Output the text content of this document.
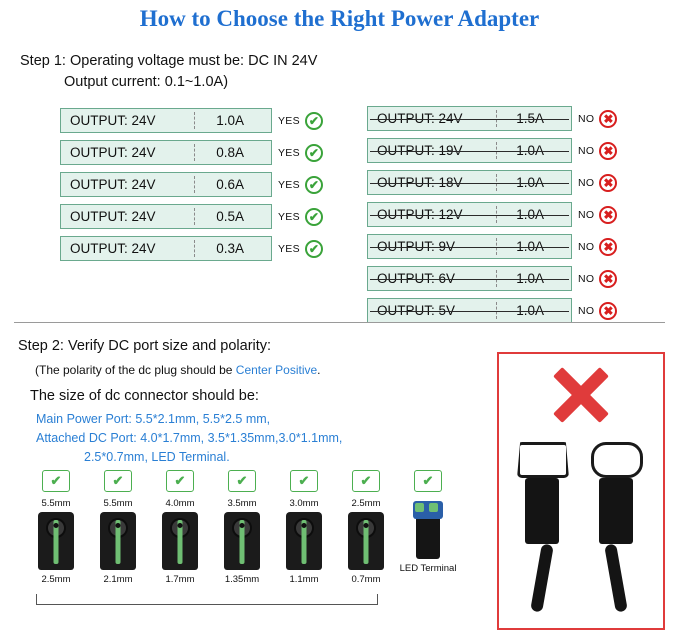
How to Choose the Right Power Adapter
Step 1: Operating voltage must be: DC IN 24V
Output current: 0.1~1.0A)
OUTPUT: 24V	1.0A	YES ✔
OUTPUT: 24V	0.8A	YES ✔
OUTPUT: 24V	0.6A	YES ✔
OUTPUT: 24V	0.5A	YES ✔
OUTPUT: 24V	0.3A	YES ✔
OUTPUT: 24V	1.5A	NO ✖
OUTPUT: 19V	1.0A	NO ✖
OUTPUT: 18V	1.0A	NO ✖
OUTPUT: 12V	1.0A	NO ✖
OUTPUT: 9V	1.0A	NO ✖
OUTPUT: 6V	1.0A	NO ✖
OUTPUT: 5V	1.0A	NO ✖
Step 2: Verify DC port size and polarity:
(The polarity of the dc plug should be Center Positive.
The size of dc connector should be:
Main Power Port: 5.5*2.1mm, 5.5*2.5 mm,
Attached DC Port: 4.0*1.7mm, 3.5*1.35mm,3.0*1.1mm,
2.5*0.7mm, LED Terminal.
✔
5.5mm
2.5mm
✔
5.5mm
2.1mm
✔
4.0mm
1.7mm
✔
3.5mm
1.35mm
✔
3.0mm
1.1mm
✔
2.5mm
0.7mm
✔
LED Terminal
